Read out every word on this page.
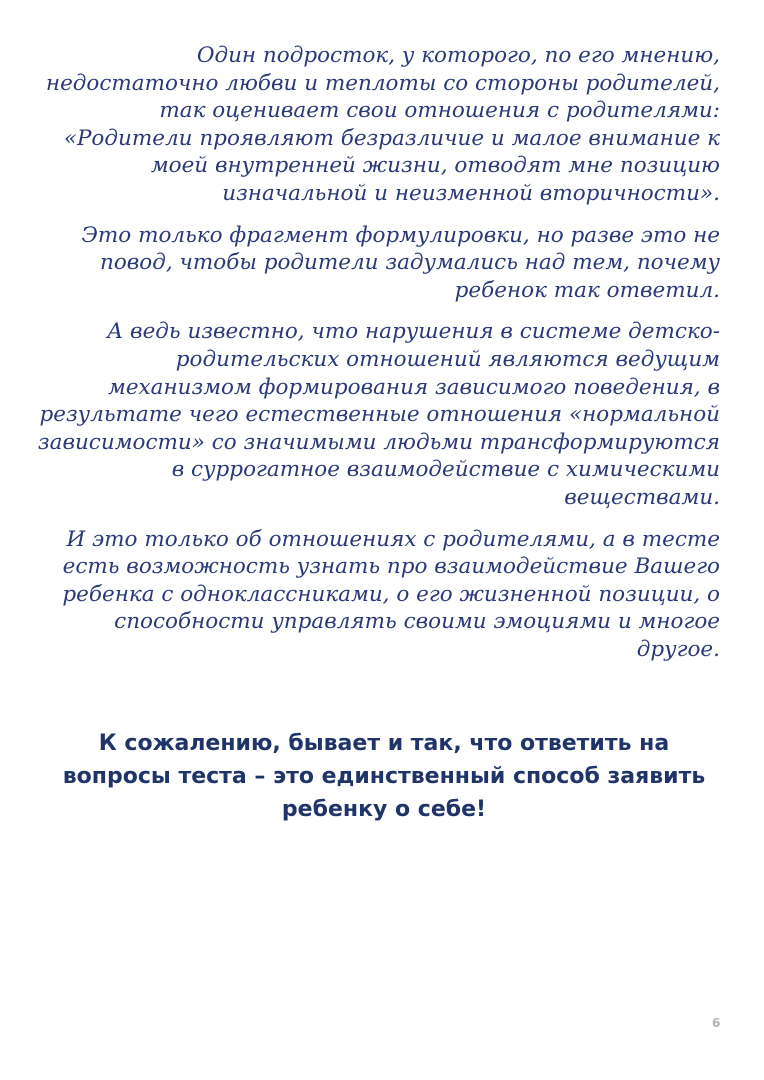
Один подросток, у которого, по его мнению, недостаточно любви и теплоты со стороны родителей, так оценивает свои отношения с родителями: «Родители проявляют безразличие и малое внимание к моей внутренней жизни, отводят мне позицию изначальной и неизменной вторичности».

Это только фрагмент формулировки, но разве это не повод, чтобы родители задумались над тем, почему ребенок так ответил.

А ведь известно, что нарушения в системе детско-родительских отношений являются ведущим механизмом формирования зависимого поведения, в результате чего естественные отношения «нормальной зависимости» со значимыми людьми трансформируются в суррогатное взаимодействие с химическими веществами.

И это только об отношениях с родителями, а в тесте есть возможность узнать про взаимодействие Вашего ребенка с одноклассниками, о его жизненной позиции, о способности управлять своими эмоциями и многое другое.

К сожалению, бывает и так, что ответить на
вопросы теста – это единственный способ заявить
ребенку о себе!
6
